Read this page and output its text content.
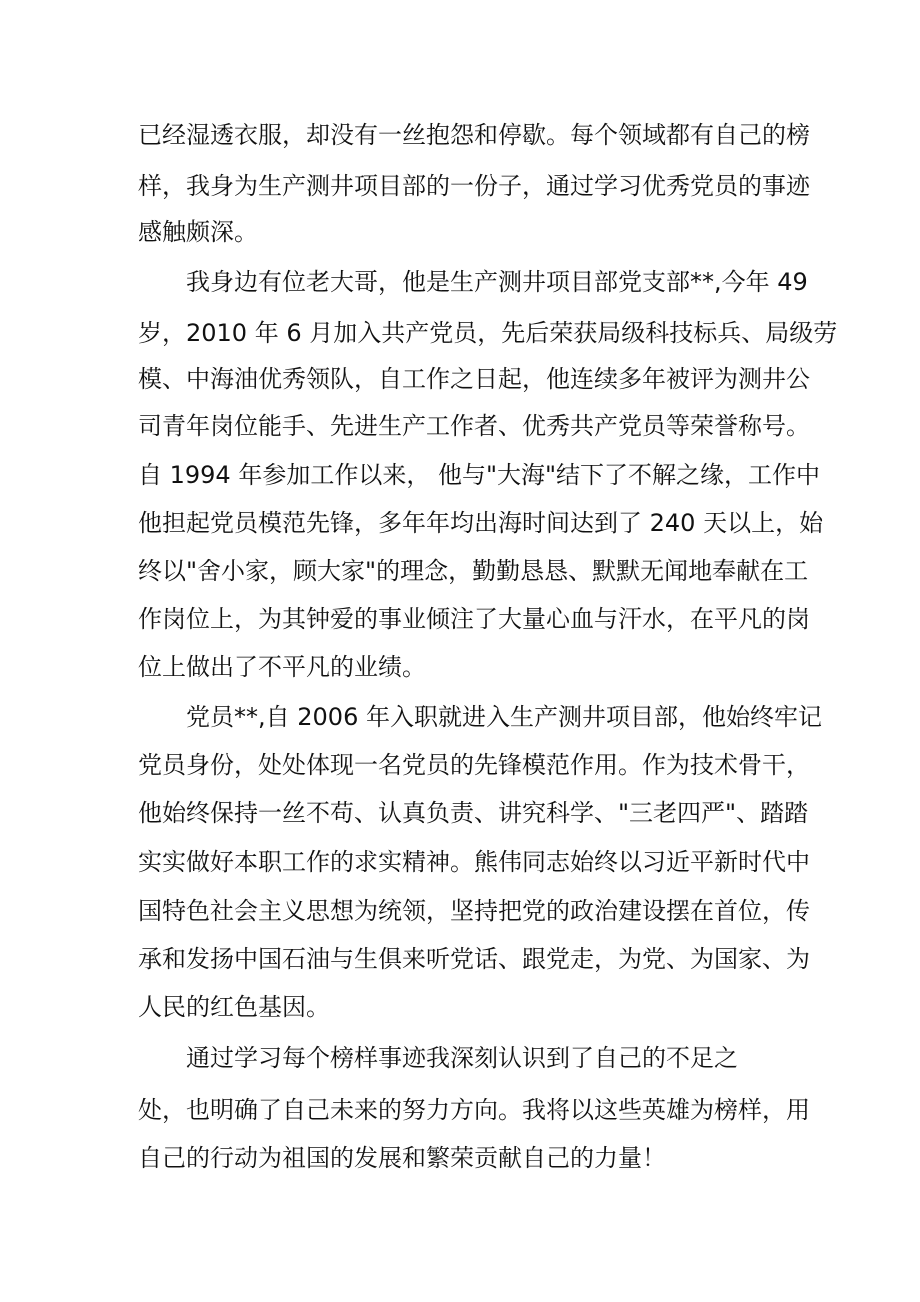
已经湿透衣服，却没有一丝抱怨和停歇。每个领域都有自己的榜

样，我身为生产测井项目部的一份子，通过学习优秀党员的事迹

感触颇深。

我身边有位老大哥，他是生产测井项目部党支部**,今年 49

岁，2010 年 6 月加入共产党员，先后荣获局级科技标兵、局级劳

模、中海油优秀领队，自工作之日起，他连续多年被评为测井公

司青年岗位能手、先进生产工作者、优秀共产党员等荣誉称号。

自 1994 年参加工作以来， 他与"大海"结下了不解之缘，工作中

他担起党员模范先锋，多年年均出海时间达到了 240 天以上，始

终以"舍小家，顾大家"的理念，勤勤恳恳、默默无闻地奉献在工

作岗位上，为其钟爱的事业倾注了大量心血与汗水，在平凡的岗

位上做出了不平凡的业绩。

党员**,自 2006 年入职就进入生产测井项目部，他始终牢记

党员身份，处处体现一名党员的先锋模范作用。作为技术骨干，

他始终保持一丝不苟、认真负责、讲究科学、"三老四严"、踏踏

实实做好本职工作的求实精神。熊伟同志始终以习近平新时代中

国特色社会主义思想为统领，坚持把党的政治建设摆在首位，传

承和发扬中国石油与生俱来听党话、跟党走，为党、为国家、为

人民的红色基因。

通过学习每个榜样事迹我深刻认识到了自己的不足之

处，也明确了自己未来的努力方向。我将以这些英雄为榜样，用

自己的行动为祖国的发展和繁荣贡献自己的力量！
